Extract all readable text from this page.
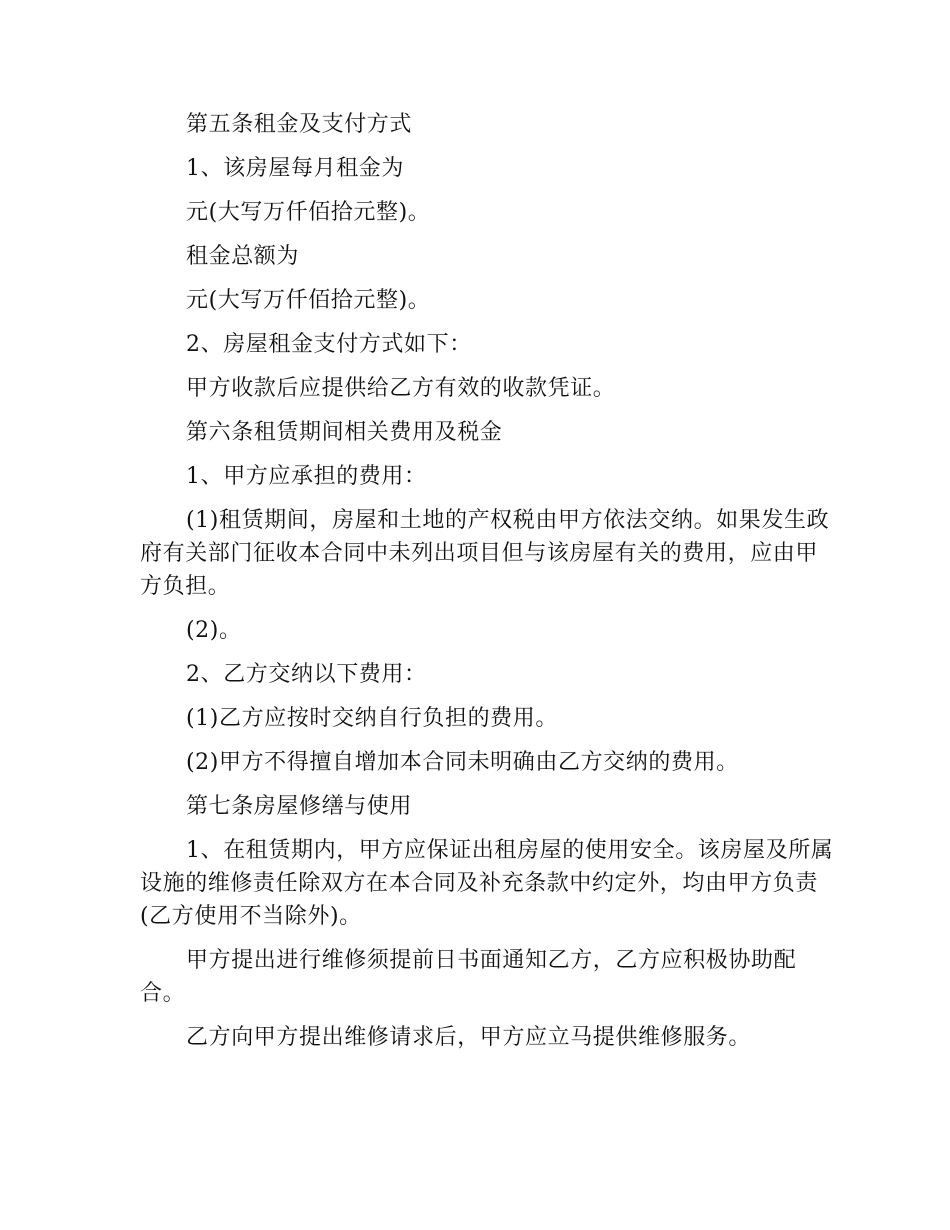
第五条租金及支付方式

1、该房屋每月租金为

元(大写万仟佰拾元整)。

租金总额为

元(大写万仟佰拾元整)。

2、房屋租金支付方式如下：

甲方收款后应提供给乙方有效的收款凭证。

第六条租赁期间相关费用及税金

1、甲方应承担的费用：

(1)租赁期间，房屋和土地的产权税由甲方依法交纳。如果发生政府有关部门征收本合同中未列出项目但与该房屋有关的费用，应由甲方负担。

(2)。

2、乙方交纳以下费用：

(1)乙方应按时交纳自行负担的费用。

(2)甲方不得擅自增加本合同未明确由乙方交纳的费用。

第七条房屋修缮与使用

1、在租赁期内，甲方应保证出租房屋的使用安全。该房屋及所属设施的维修责任除双方在本合同及补充条款中约定外，均由甲方负责(乙方使用不当除外)。

甲方提出进行维修须提前日书面通知乙方，乙方应积极协助配合。

乙方向甲方提出维修请求后，甲方应立马提供维修服务。
